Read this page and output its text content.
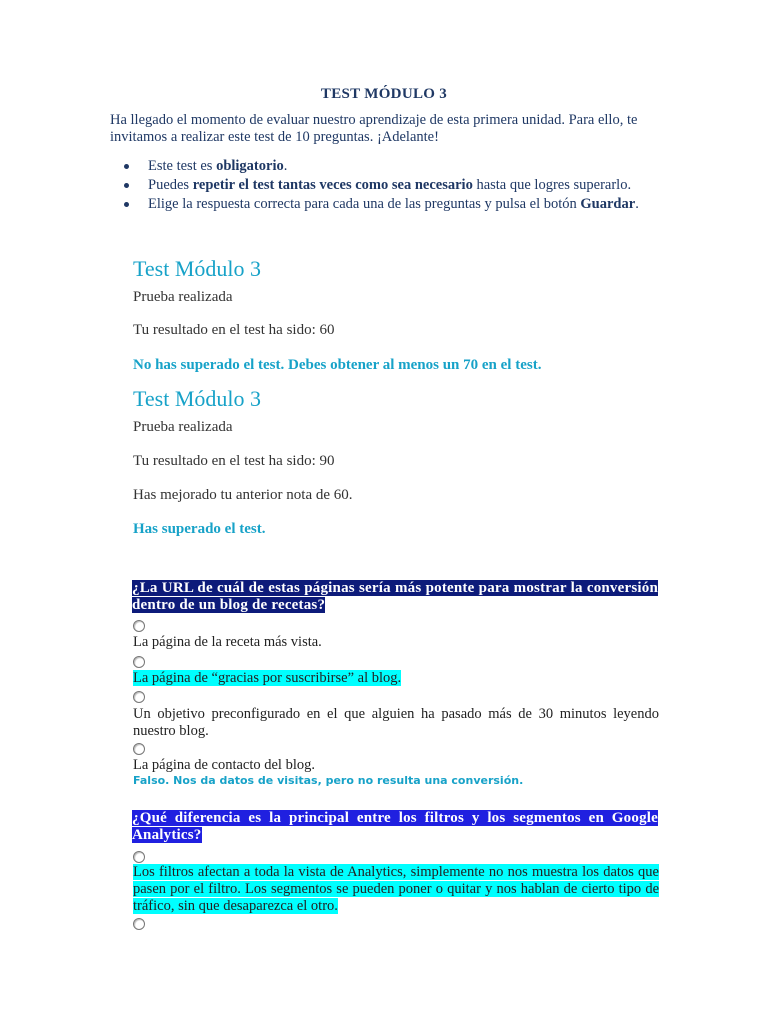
TEST MÓDULO 3
Ha llegado el momento de evaluar nuestro aprendizaje de esta primera unidad. Para ello, te invitamos a realizar este test de 10 preguntas. ¡Adelante!
Este test es obligatorio.
Puedes repetir el test tantas veces como sea necesario hasta que logres superarlo.
Elige la respuesta correcta para cada una de las preguntas y pulsa el botón Guardar.
Test Módulo 3
Prueba realizada
Tu resultado en el test ha sido: 60
No has superado el test. Debes obtener al menos un 70 en el test.
Test Módulo 3
Prueba realizada
Tu resultado en el test ha sido: 90
Has mejorado tu anterior nota de 60.
Has superado el test.
¿La URL de cuál de estas páginas sería más potente para mostrar la conversión dentro de un blog de recetas?
La página de la receta más vista.
La página de “gracias por suscribirse” al blog.
Un objetivo preconfigurado en el que alguien ha pasado más de 30 minutos leyendo nuestro blog.
La página de contacto del blog.
Falso. Nos da datos de visitas, pero no resulta una conversión.
¿Qué diferencia es la principal entre los filtros y los segmentos en Google Analytics?
Los filtros afectan a toda la vista de Analytics, simplemente no nos muestra los datos que pasen por el filtro. Los segmentos se pueden poner o quitar y nos hablan de cierto tipo de tráfico, sin que desaparezca el otro.
